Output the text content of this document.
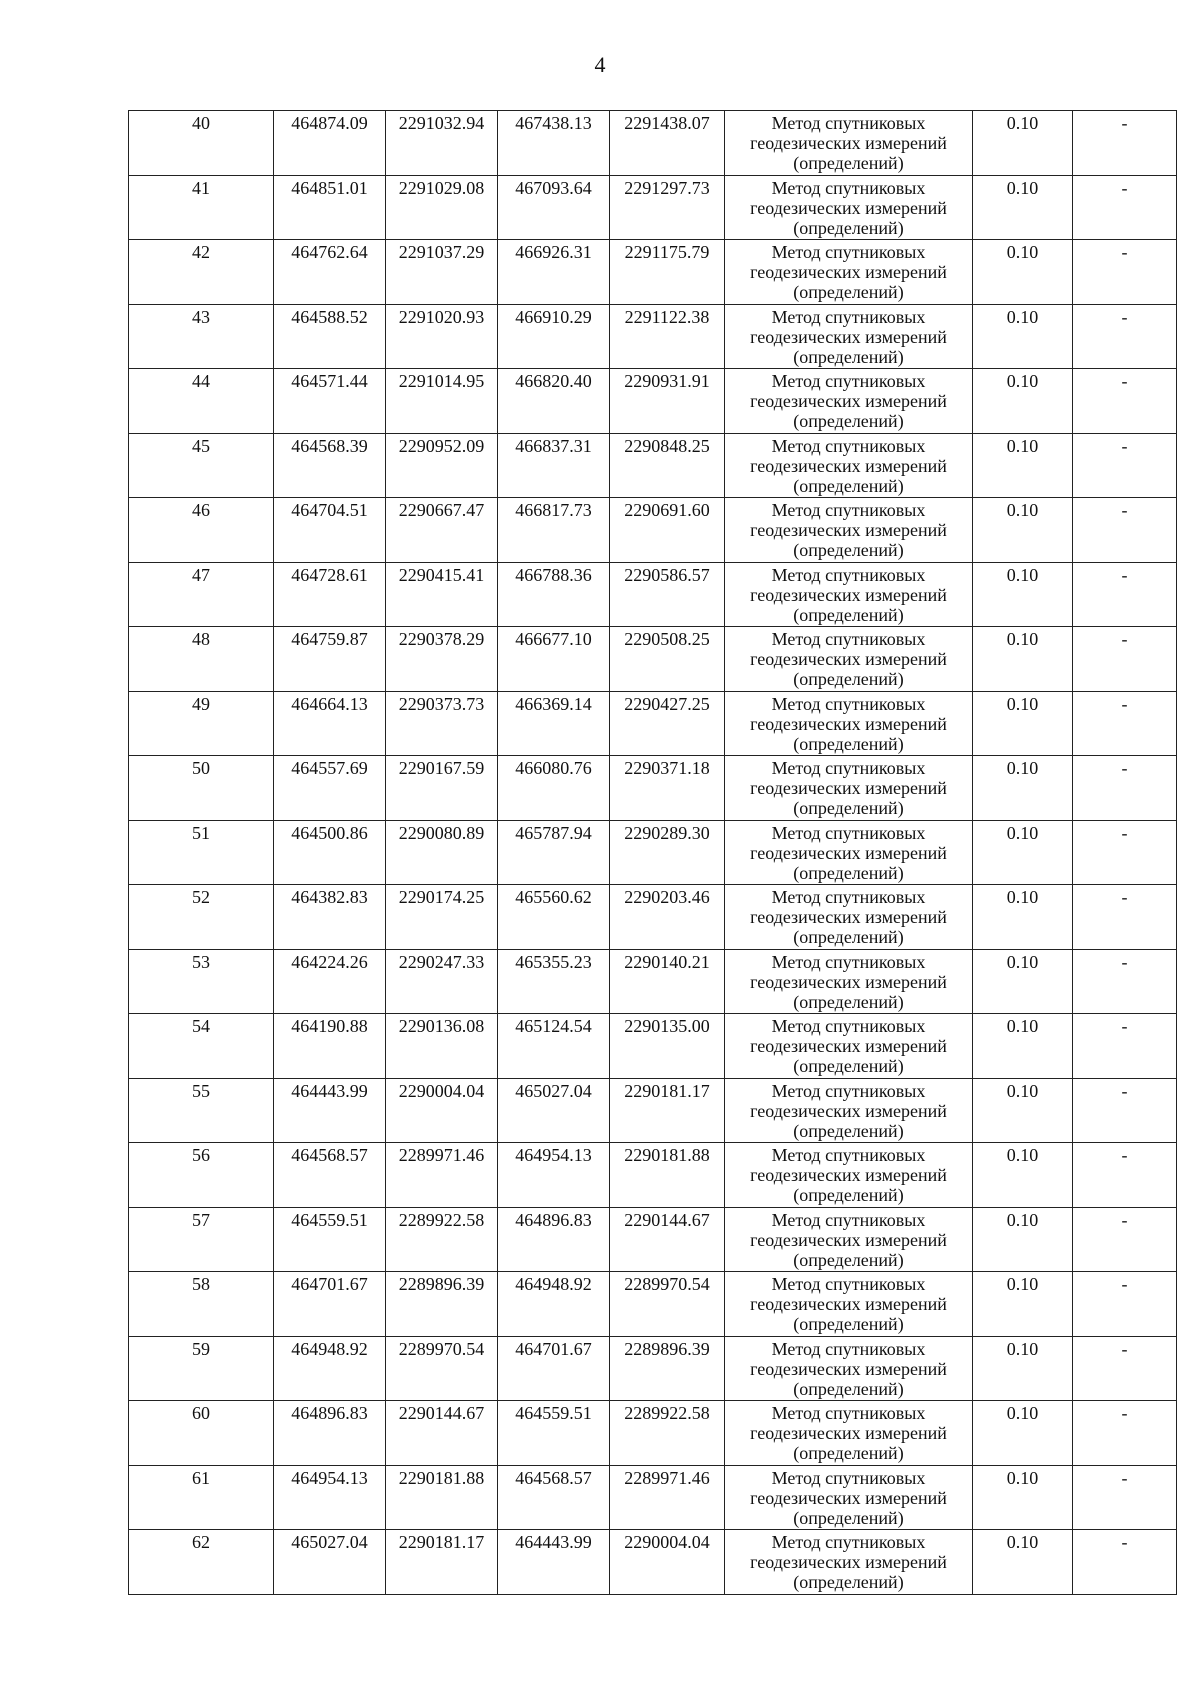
4
40	464874.09	2291032.94	467438.13	2291438.07	Метод спутниковых
геодезических измерений
(определений)	0.10	-
41	464851.01	2291029.08	467093.64	2291297.73	Метод спутниковых
геодезических измерений
(определений)	0.10	-
42	464762.64	2291037.29	466926.31	2291175.79	Метод спутниковых
геодезических измерений
(определений)	0.10	-
43	464588.52	2291020.93	466910.29	2291122.38	Метод спутниковых
геодезических измерений
(определений)	0.10	-
44	464571.44	2291014.95	466820.40	2290931.91	Метод спутниковых
геодезических измерений
(определений)	0.10	-
45	464568.39	2290952.09	466837.31	2290848.25	Метод спутниковых
геодезических измерений
(определений)	0.10	-
46	464704.51	2290667.47	466817.73	2290691.60	Метод спутниковых
геодезических измерений
(определений)	0.10	-
47	464728.61	2290415.41	466788.36	2290586.57	Метод спутниковых
геодезических измерений
(определений)	0.10	-
48	464759.87	2290378.29	466677.10	2290508.25	Метод спутниковых
геодезических измерений
(определений)	0.10	-
49	464664.13	2290373.73	466369.14	2290427.25	Метод спутниковых
геодезических измерений
(определений)	0.10	-
50	464557.69	2290167.59	466080.76	2290371.18	Метод спутниковых
геодезических измерений
(определений)	0.10	-
51	464500.86	2290080.89	465787.94	2290289.30	Метод спутниковых
геодезических измерений
(определений)	0.10	-
52	464382.83	2290174.25	465560.62	2290203.46	Метод спутниковых
геодезических измерений
(определений)	0.10	-
53	464224.26	2290247.33	465355.23	2290140.21	Метод спутниковых
геодезических измерений
(определений)	0.10	-
54	464190.88	2290136.08	465124.54	2290135.00	Метод спутниковых
геодезических измерений
(определений)	0.10	-
55	464443.99	2290004.04	465027.04	2290181.17	Метод спутниковых
геодезических измерений
(определений)	0.10	-
56	464568.57	2289971.46	464954.13	2290181.88	Метод спутниковых
геодезических измерений
(определений)	0.10	-
57	464559.51	2289922.58	464896.83	2290144.67	Метод спутниковых
геодезических измерений
(определений)	0.10	-
58	464701.67	2289896.39	464948.92	2289970.54	Метод спутниковых
геодезических измерений
(определений)	0.10	-
59	464948.92	2289970.54	464701.67	2289896.39	Метод спутниковых
геодезических измерений
(определений)	0.10	-
60	464896.83	2290144.67	464559.51	2289922.58	Метод спутниковых
геодезических измерений
(определений)	0.10	-
61	464954.13	2290181.88	464568.57	2289971.46	Метод спутниковых
геодезических измерений
(определений)	0.10	-
62	465027.04	2290181.17	464443.99	2290004.04	Метод спутниковых
геодезических измерений
(определений)	0.10	-
